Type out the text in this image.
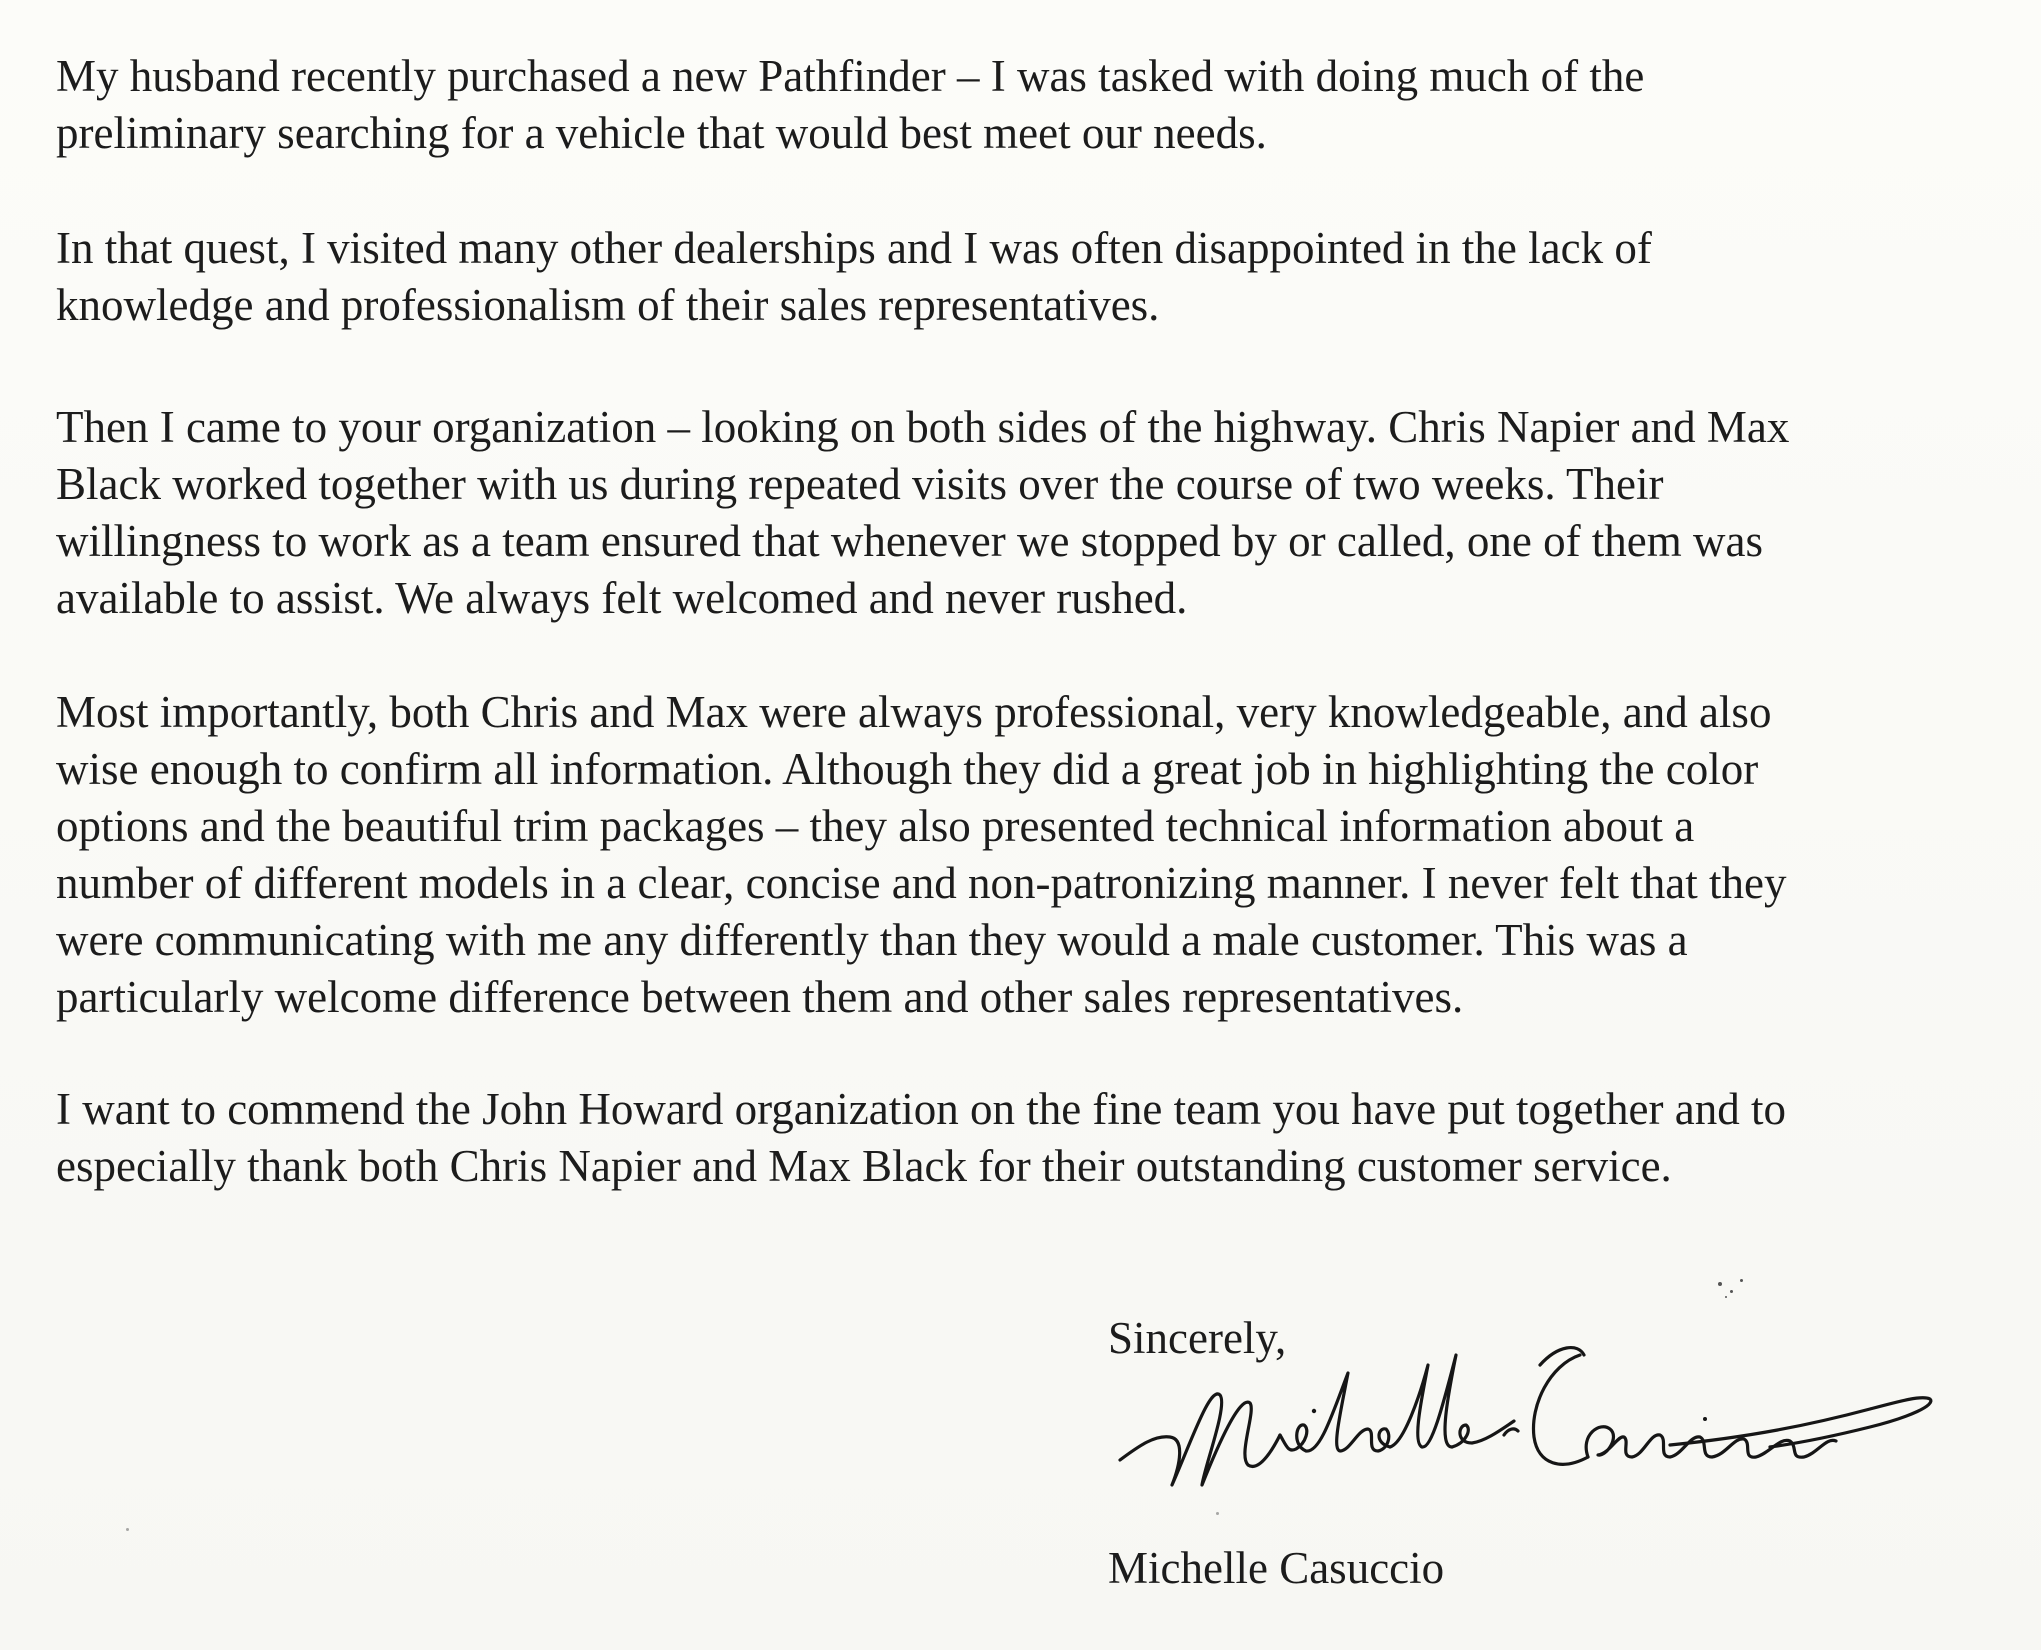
My husband recently purchased a new Pathfinder – I was tasked with doing much of the
preliminary searching for a vehicle that would best meet our needs.

In that quest, I visited many other dealerships and I was often disappointed in the lack of
knowledge and professionalism of their sales representatives.

Then I came to your organization – looking on both sides of the highway. Chris Napier and Max
Black worked together with us during repeated visits over the course of two weeks. Their
willingness to work as a team ensured that whenever we stopped by or called, one of them was
available to assist. We always felt welcomed and never rushed.

Most importantly, both Chris and Max were always professional, very knowledgeable, and also
wise enough to confirm all information. Although they did a great job in highlighting the color
options and the beautiful trim packages – they also presented technical information about a
number of different models in a clear, concise and non-patronizing manner. I never felt that they
were communicating with me any differently than they would a male customer. This was a
particularly welcome difference between them and other sales representatives.

I want to commend the John Howard organization on the fine team you have put together and to
especially thank both Chris Napier and Max Black for their outstanding customer service.

Sincerely,
Michelle Casuccio
